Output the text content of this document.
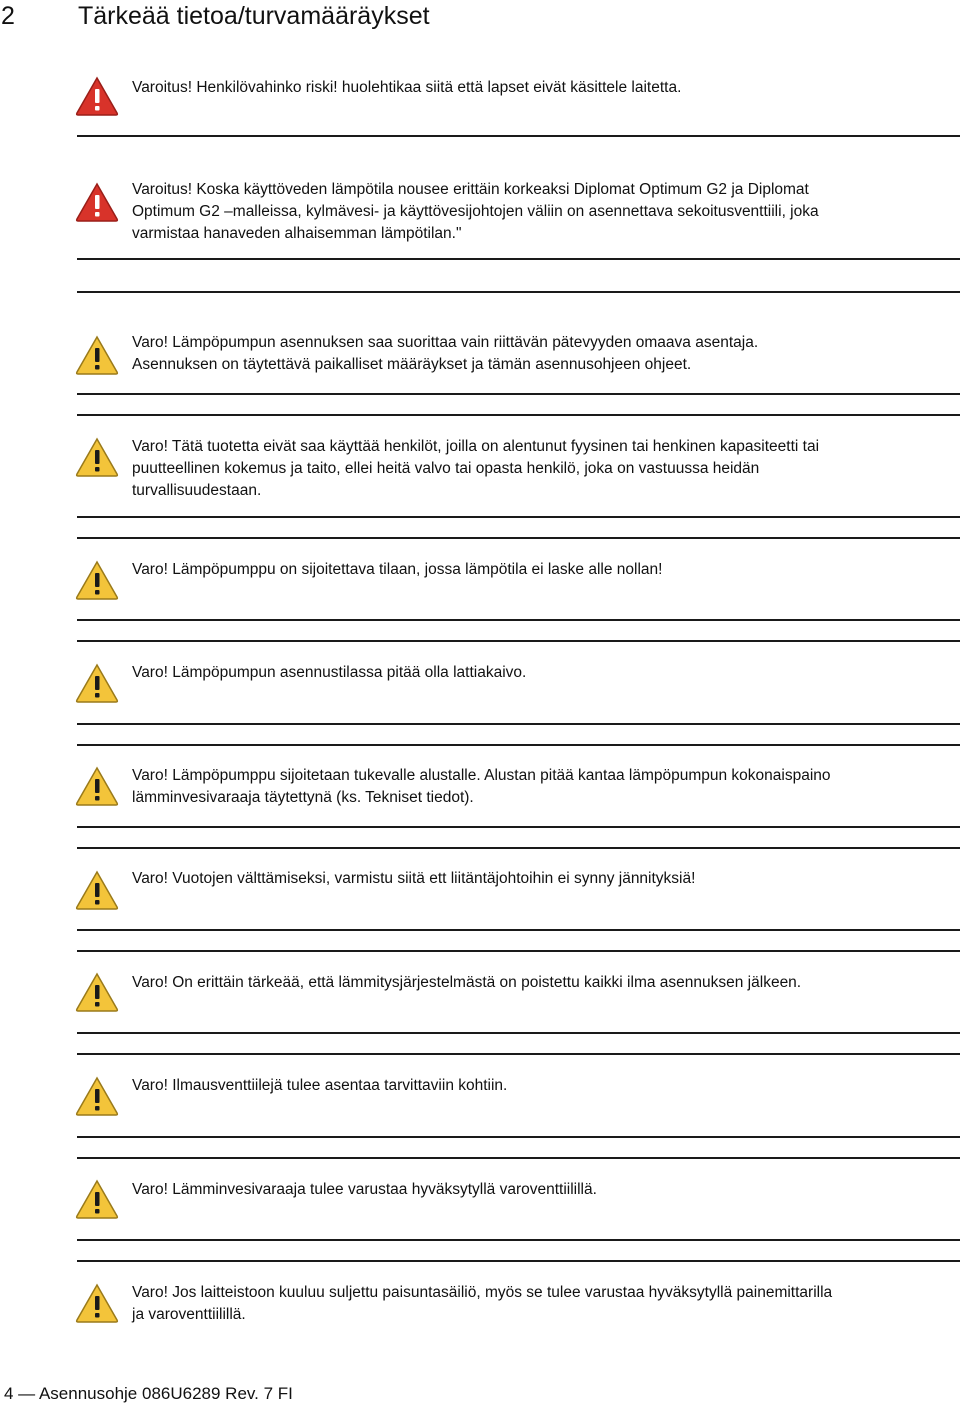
2	Tärkeää tietoa/turvamääräykset
Varoitus! Henkilövahinko riski! huolehtikaa siitä että lapset eivät käsittele laitetta.
Varoitus! Koska käyttöveden lämpötila nousee erittäin korkeaksi Diplomat Optimum G2 ja Diplomat
Optimum G2 –malleissa, kylmävesi- ja käyttövesijohtojen väliin on asennettava sekoitusventtiili, joka
varmistaa hanaveden alhaisemman lämpötilan."
Varo! Lämpöpumpun asennuksen saa suorittaa vain riittävän pätevyyden omaava asentaja.
Asennuksen on täytettävä paikalliset määräykset ja tämän asennusohjeen ohjeet.
Varo! Tätä tuotetta eivät saa käyttää henkilöt, joilla on alentunut fyysinen tai henkinen kapasiteetti tai
puutteellinen kokemus ja taito, ellei heitä valvo tai opasta henkilö, joka on vastuussa heidän
turvallisuudestaan.
Varo! Lämpöpumppu on sijoitettava tilaan, jossa lämpötila ei laske alle nollan!
Varo! Lämpöpumpun asennustilassa pitää olla lattiakaivo.
Varo! Lämpöpumppu sijoitetaan tukevalle alustalle. Alustan pitää kantaa lämpöpumpun kokonaispaino
lämminvesivaraaja täytettynä (ks. Tekniset tiedot).
Varo! Vuotojen välttämiseksi, varmistu siitä ett liitäntäjohtoihin ei synny jännityksiä!
Varo! On erittäin tärkeää, että lämmitysjärjestelmästä on poistettu kaikki ilma asennuksen jälkeen.
Varo! Ilmausventtiilejä tulee asentaa tarvittaviin kohtiin.
Varo! Lämminvesivaraaja tulee varustaa hyväksytyllä varoventtiilillä.
Varo! Jos laitteistoon kuuluu suljettu paisuntasäiliö, myös se tulee varustaa hyväksytyllä painemittarilla
ja varoventtiilillä.
4 — Asennusohje 086U6289 Rev. 7 FI
